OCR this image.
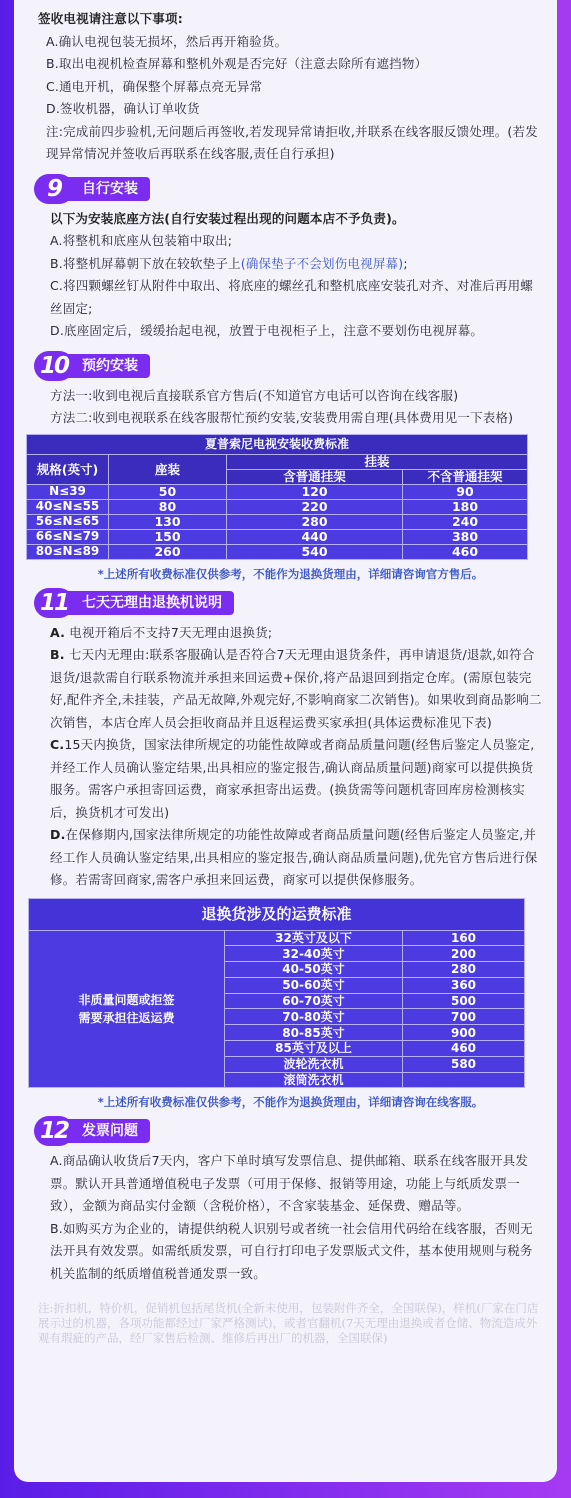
签收电视请注意以下事项:
A.确认电视包装无损坏，然后再开箱验货。
B.取出电视机检查屏幕和整机外观是否完好（注意去除所有遮挡物）
C.通电开机，确保整个屏幕点亮无异常
D.签收机器，确认订单收货
注:完成前四步验机,无问题后再签收,若发现异常请拒收,并联系在线客服反馈处理。(若发现异常情况并签收后再联系在线客服,责任自行承担)
9	自行安装
以下为安装底座方法(自行安装过程出现的问题本店不予负责)。
A.将整机和底座从包装箱中取出;
B.将整机屏幕朝下放在较软垫子上(确保垫子不会划伤电视屏幕);
C.将四颗螺丝钉从附件中取出、将底座的螺丝孔和整机底座安装孔对齐、对准后再用螺丝固定;
D.底座固定后，缓缓抬起电视，放置于电视柜子上，注意不要划伤电视屏幕。
10	预约安装
方法一:收到电视后直接联系官方售后(不知道官方电话可以咨询在线客服)
方法二:收到电视联系在线客服帮忙预约安装,安装费用需自理(具体费用见一下表格)
夏普索尼电视安装收费标准			
规格(英寸)	座装	挂装	
		含普通挂架	不含普通挂架
N≤39	50	120	90
40≤N≤55	80	220	180
56≤N≤65	130	280	240
66≤N≤79	150	440	380
80≤N≤89	260	540	460
*上述所有收费标准仅供参考，不能作为退换货理由，详细请咨询官方售后。
11	七天无理由退换机说明
A. 电视开箱后不支持7天无理由退换货;
B. 七天内无理由:联系客服确认是否符合7天无理由退货条件，再申请退货/退款,如符合退货/退款需自行联系物流并承担来回运费+保价,将产品退回到指定仓库。(需原包装完好,配件齐全,未挂装，产品无故障,外观完好,不影响商家二次销售)。如果收到商品影响二次销售，本店仓库人员会拒收商品并且返程运费买家承担(具体运费标准见下表)
C.15天内换货，国家法律所规定的功能性故障或者商品质量问题(经售后鉴定人员鉴定,并经工作人员确认鉴定结果,出具相应的鉴定报告,确认商品质量问题)商家可以提供换货服务。需客户承担寄回运费，商家承担寄出运费。(换货需等问题机寄回库房检测核实后，换货机才可发出)
D.在保修期内,国家法律所规定的功能性故障或者商品质量问题(经售后鉴定人员鉴定,并经工作人员确认鉴定结果,出具相应的鉴定报告,确认商品质量问题),优先官方售后进行保修。若需寄回商家,需客户承担来回运费，商家可以提供保修服务。
退换货涉及的运费标准		
非质量问题或拒签
需要承担往返运费	32英寸及以下	160
	32-40英寸	200
	40-50英寸	280
	50-60英寸	360
	60-70英寸	500
	70-80英寸	700
	80-85英寸	900
	85英寸及以上	460
	波轮洗衣机	580
	滚筒洗衣机	
*上述所有收费标准仅供参考，不能作为退换货理由，详细请咨询在线客服。
12	发票问题
A.商品确认收货后7天内，客户下单时填写发票信息、提供邮箱、联系在线客服开具发票。默认开具普通增值税电子发票（可用于保修、报销等用途，功能上与纸质发票一致），金额为商品实付金额（含税价格），不含家装基金、延保费、赠品等。
B.如购买方为企业的，请提供纳税人识别号或者统一社会信用代码给在线客服，否则无法开具有效发票。如需纸质发票，可自行打印电子发票版式文件，基本使用规则与税务机关监制的纸质增值税普通发票一致。
注:折扣机，特价机，促销机包括尾货机(全新未使用，包装附件齐全，全国联保)，样机(厂家在门店展示过的机器，各项功能都经过厂家严格测试)，或者官翻机(7天无理由退换或者仓储、物流造成外观有瑕疵的产品，经厂家售后检测、维修后再出厂的机器，全国联保)
